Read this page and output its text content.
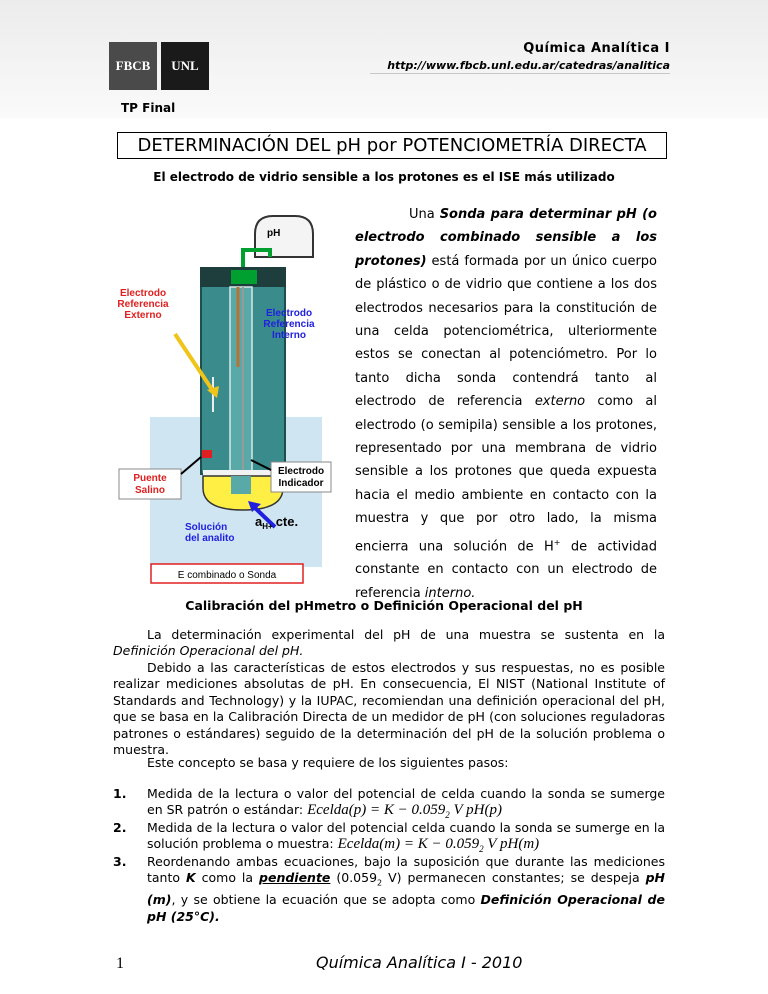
FBCB	UNL
Química Analítica I
http://www.fbcb.unl.edu.ar/catedras/analitica
TP Final
DETERMINACIÓN DEL pH por POTENCIOMETRÍA DIRECTA
El electrodo de vidrio sensible a los protones es el ISE más utilizado
pH
Electrodo
Referencia
Externo	Electrodo
Referencia
Interno
Puente
Salino
Electrodo
Indicador
$a_{H+}$ cte.
Solución
del analito
E combinado o Sonda
Una Sonda para determinar pH (o electrodo combinado sensible a los protones) está formada por un único cuerpo de plástico o de vidrio que contiene a los dos electrodos necesarios para la constitución de una celda potenciométrica, ulteriormente estos se conectan al potenciómetro. Por lo tanto dicha sonda contendrá tanto al electrodo de referencia externo como al electrodo (o semipila) sensible a los protones, representado por una membrana de vidrio sensible a los protones que queda expuesta hacia el medio ambiente en contacto con la muestra y que por otro lado, la misma encierra una solución de H+ de actividad constante en contacto con un electrodo de referencia interno.
Calibración del pHmetro o Definición Operacional del pH
La determinación experimental del pH de una muestra se sustenta en la Definición Operacional del pH.
Debido a las características de estos electrodos y sus respuestas, no es posible realizar mediciones absolutas de pH. En consecuencia, El NIST (National Institute of Standards and Technology) y la IUPAC, recomiendan una definición operacional del pH, que se basa en la Calibración Directa de un medidor de pH (con soluciones reguladoras patrones o estándares) seguido de la determinación del pH de la solución problema o muestra.
Este concepto se basa y requiere de los siguientes pasos:
1. Medida de la lectura o valor del potencial de celda cuando la sonda se sumerge en SR patrón o estándar: Ecelda(p) = $K - 0.059_2$ V pH(p)
2. Medida de la lectura o valor del potencial celda cuando la sonda se sumerge en la solución problema o muestra: Ecelda(m) = $K - 0.059_2$ V pH(m)
3. Reordenando ambas ecuaciones, bajo la suposición que durante las mediciones tanto K como la pendiente ($0.059_2$ V) permanecen constantes; se despeja pH (m), y se obtiene la ecuación que se adopta como Definición Operacional de pH (25°C).
1	Química Analítica I - 2010
